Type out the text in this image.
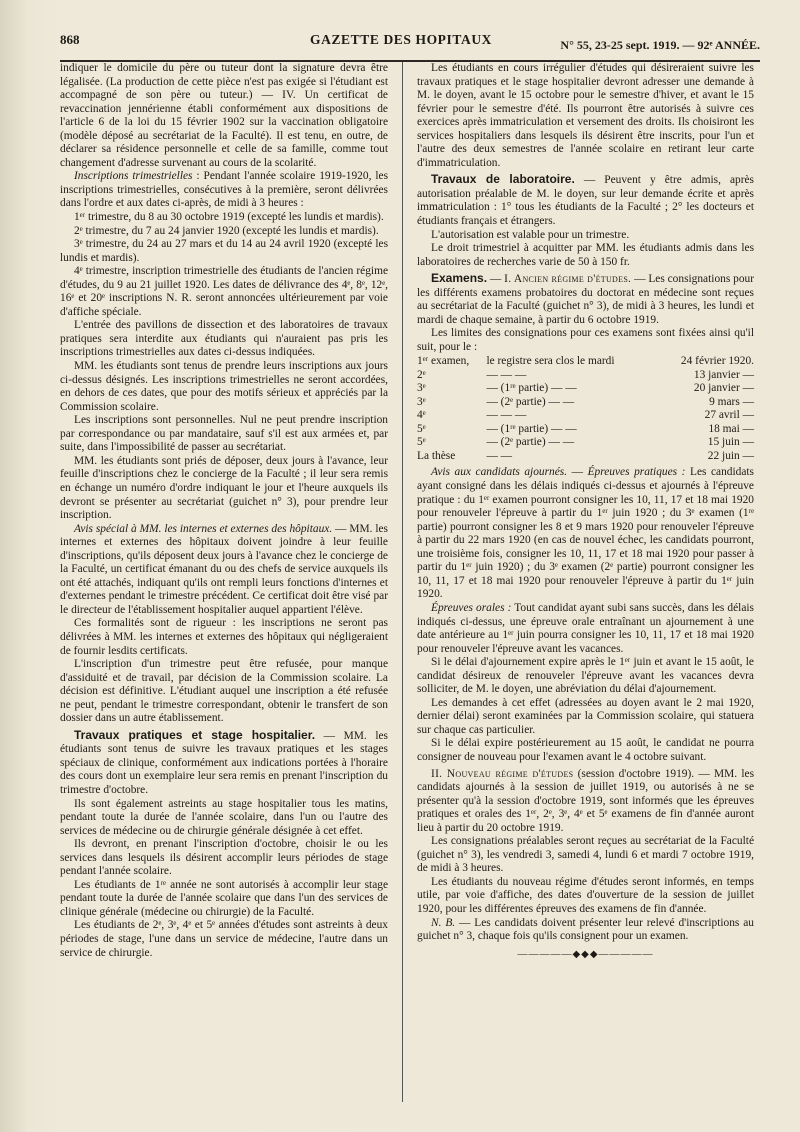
868	GAZETTE DES HOPITAUX	N° 55, 23-25 sept. 1919. — 92ᵉ ANNÉE.

indiquer le domicile du père ou tuteur dont la signature devra être légalisée. (La production de cette pièce n'est pas exigée si l'étudiant est accompagné de son père ou tuteur.) — IV. Un certificat de revaccination jennérienne établi conformément aux dispositions de l'article 6 de la loi du 15 février 1902 sur la vaccination obligatoire (modèle déposé au secrétariat de la Faculté). Il est tenu, en outre, de déclarer sa résidence personnelle et celle de sa famille, comme tout changement d'adresse survenant au cours de la scolarité.

Inscriptions trimestrielles : Pendant l'année scolaire 1919-1920, les inscriptions trimestrielles, consécutives à la première, seront délivrées dans l'ordre et aux dates ci-après, de midi à 3 heures :

1ᵉʳ trimestre, du 8 au 30 octobre 1919 (excepté les lundis et mardis).

2ᵉ trimestre, du 7 au 24 janvier 1920 (excepté les lundis et mardis).

3ᵉ trimestre, du 24 au 27 mars et du 14 au 24 avril 1920 (excepté les lundis et mardis).

4ᵉ trimestre, inscription trimestrielle des étudiants de l'ancien régime d'études, du 9 au 21 juillet 1920. Les dates de délivrance des 4ᵉ, 8ᵉ, 12ᵉ, 16ᵉ et 20ᵉ inscriptions N. R. seront annoncées ultérieurement par voie d'affiche spéciale.

L'entrée des pavillons de dissection et des laboratoires de travaux pratiques sera interdite aux étudiants qui n'auraient pas pris les inscriptions trimestrielles aux dates ci-dessus indiquées.

MM. les étudiants sont tenus de prendre leurs inscriptions aux jours ci-dessus désignés. Les inscriptions trimestrielles ne seront accordées, en dehors de ces dates, que pour des motifs sérieux et appréciés par la Commission scolaire.

Les inscriptions sont personnelles. Nul ne peut prendre inscription par correspondance ou par mandataire, sauf s'il est aux armées et, par suite, dans l'impossibilité de passer au secrétariat.

MM. les étudiants sont priés de déposer, deux jours à l'avance, leur feuille d'inscriptions chez le concierge de la Faculté ; il leur sera remis en échange un numéro d'ordre indiquant le jour et l'heure auxquels ils devront se présenter au secrétariat (guichet n° 3), pour prendre leur inscription.

Avis spécial à MM. les internes et externes des hôpitaux. — MM. les internes et externes des hôpitaux doivent joindre à leur feuille d'inscriptions, qu'ils déposent deux jours à l'avance chez le concierge de la Faculté, un certificat émanant du ou des chefs de service auxquels ils ont été attachés, indiquant qu'ils ont rempli leurs fonctions d'internes et d'externes pendant le trimestre précédent. Ce certificat doit être visé par le directeur de l'établissement hospitalier auquel appartient l'élève.

Ces formalités sont de rigueur : les inscriptions ne seront pas délivrées à MM. les internes et externes des hôpitaux qui négligeraient de fournir lesdits certificats.

L'inscription d'un trimestre peut être refusée, pour manque d'assiduité et de travail, par décision de la Commission scolaire. La décision est définitive. L'étudiant auquel une inscription a été refusée ne peut, pendant le trimestre correspondant, obtenir le transfert de son dossier dans un autre établissement.

Travaux pratiques et stage hospitalier. — MM. les étudiants sont tenus de suivre les travaux pratiques et les stages spéciaux de clinique, conformément aux indications portées à l'horaire des cours dont un exemplaire leur sera remis en prenant l'inscription du trimestre d'octobre.

Ils sont également astreints au stage hospitalier tous les matins, pendant toute la durée de l'année scolaire, dans l'un ou l'autre des services de médecine ou de chirurgie générale désignée à cet effet.

Ils devront, en prenant l'inscription d'octobre, choisir le ou les services dans lesquels ils désirent accomplir leurs périodes de stage pendant l'année scolaire.

Les étudiants de 1ʳᵉ année ne sont autorisés à accomplir leur stage pendant toute la durée de l'année scolaire que dans l'un des services de clinique générale (médecine ou chirurgie) de la Faculté.

Les étudiants de 2ᵉ, 3ᵉ, 4ᵉ et 5ᵉ années d'études sont astreints à deux périodes de stage, l'une dans un service de médecine, l'autre dans un service de chirurgie.

Les étudiants en cours irrégulier d'études qui désireraient suivre les travaux pratiques et le stage hospitalier devront adresser une demande à M. le doyen, avant le 15 octobre pour le semestre d'hiver, et avant le 15 février pour le semestre d'été. Ils pourront être autorisés à suivre ces exercices après immatriculation et versement des droits. Ils choisiront les services hospitaliers dans lesquels ils désirent être inscrits, pour l'un et l'autre des deux semestres de l'année scolaire en retirant leur carte d'immatriculation.

Travaux de laboratoire. — Peuvent y être admis, après autorisation préalable de M. le doyen, sur leur demande écrite et après immatriculation : 1° tous les étudiants de la Faculté ; 2° les docteurs et étudiants français et étrangers.

L'autorisation est valable pour un trimestre.

Le droit trimestriel à acquitter par MM. les étudiants admis dans les laboratoires de recherches varie de 50 à 150 fr.

Examens. — I. Ancien régime d'études. — Les consignations pour les différents examens probatoires du doctorat en médecine sont reçues au secrétariat de la Faculté (guichet n° 3), de midi à 3 heures, les lundi et mardi de chaque semaine, à partir du 6 octobre 1919.

Les limites des consignations pour ces examens sont fixées ainsi qu'il suit, pour le :

1ᵉʳ examen,	le registre sera clos le mardi	24 février 1920.
2ᵉ	— — —	13 janvier —
3ᵉ	— (1ʳᵉ partie) — —	20 janvier —
3ᵉ	— (2ᵉ partie) — —	9 mars —
4ᵉ	— — —	27 avril —
5ᵉ	— (1ʳᵉ partie) — —	18 mai —
5ᵉ	— (2ᵉ partie) — —	15 juin —
La thèse	— —	22 juin —

Avis aux candidats ajournés. — Épreuves pratiques : Les candidats ayant consigné dans les délais indiqués ci-dessus et ajournés à l'épreuve pratique : du 1ᵉʳ examen pourront consigner les 10, 11, 17 et 18 mai 1920 pour renouveler l'épreuve à partir du 1ᵉʳ juin 1920 ; du 3ᵉ examen (1ʳᵉ partie) pourront consigner les 8 et 9 mars 1920 pour renouveler l'épreuve à partir du 22 mars 1920 (en cas de nouvel échec, les candidats pourront, une troisième fois, consigner les 10, 11, 17 et 18 mai 1920 pour passer à partir du 1ᵉʳ juin 1920) ; du 3ᵉ examen (2ᵉ partie) pourront consigner les 10, 11, 17 et 18 mai 1920 pour renouveler l'épreuve à partir du 1ᵉʳ juin 1920.

Épreuves orales : Tout candidat ayant subi sans succès, dans les délais indiqués ci-dessus, une épreuve orale entraînant un ajournement à une date antérieure au 1ᵉʳ juin pourra consigner les 10, 11, 17 et 18 mai 1920 pour renouveler l'épreuve avant les vacances.

Si le délai d'ajournement expire après le 1ᵉʳ juin et avant le 15 août, le candidat désireux de renouveler l'épreuve avant les vacances devra solliciter, de M. le doyen, une abréviation du délai d'ajournement.

Les demandes à cet effet (adressées au doyen avant le 2 mai 1920, dernier délai) seront examinées par la Commission scolaire, qui statuera sur chaque cas particulier.

Si le délai expire postérieurement au 15 août, le candidat ne pourra consigner de nouveau pour l'examen avant le 4 octobre suivant.

II. Nouveau régime d'études (session d'octobre 1919). — MM. les candidats ajournés à la session de juillet 1919, ou autorisés à ne se présenter qu'à la session d'octobre 1919, sont informés que les épreuves pratiques et orales des 1ᵉʳ, 2ᵉ, 3ᵉ, 4ᵉ et 5ᵉ examens de fin d'année auront lieu à partir du 20 octobre 1919.

Les consignations préalables seront reçues au secrétariat de la Faculté (guichet n° 3), les vendredi 3, samedi 4, lundi 6 et mardi 7 octobre 1919, de midi à 3 heures.

Les étudiants du nouveau régime d'études seront informés, en temps utile, par voie d'affiche, des dates d'ouverture de la session de juillet 1920, pour les différentes épreuves des examens de fin d'année.

N. B. — Les candidats doivent présenter leur relevé d'inscriptions au guichet n° 3, chaque fois qu'ils consignent pour un examen.

—————◆◆◆—————
